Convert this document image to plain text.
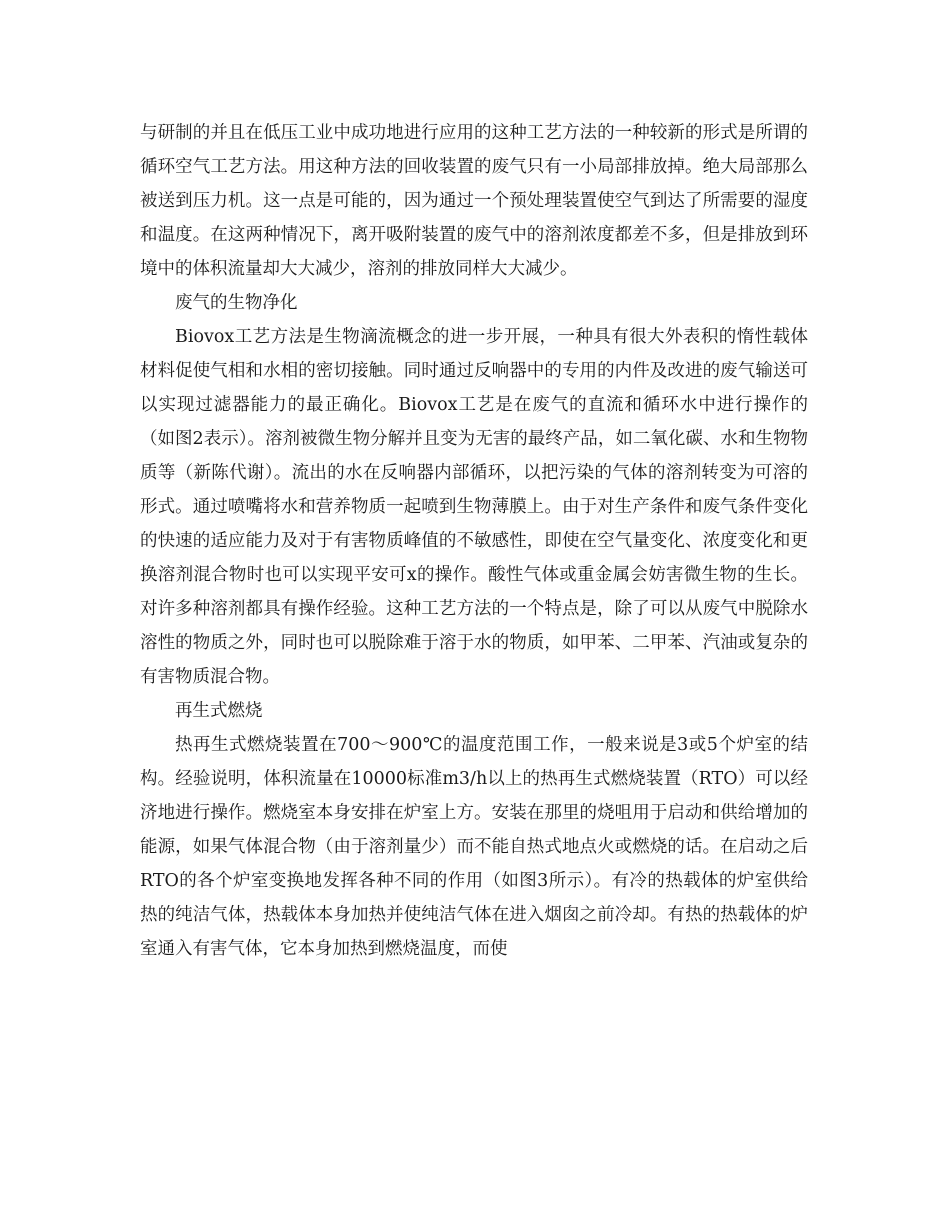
与研制的并且在低压工业中成功地进行应用的这种工艺方法的一种较新的形式是所谓的循环空气工艺方法。用这种方法的回收装置的废气只有一小局部排放掉。绝大局部那么被送到压力机。这一点是可能的，因为通过一个预处理装置使空气到达了所需要的湿度和温度。在这两种情况下，离开吸附装置的废气中的溶剂浓度都差不多，但是排放到环境中的体积流量却大大减少，溶剂的排放同样大大减少。

废气的生物净化

Biovox工艺方法是生物滴流概念的进一步开展，一种具有很大外表积的惰性载体材料促使气相和水相的密切接触。同时通过反响器中的专用的内件及改进的废气输送可以实现过滤器能力的最正确化。Biovox工艺是在废气的直流和循环水中进行操作的（如图2表示）。溶剂被微生物分解并且变为无害的最终产品，如二氧化碳、水和生物物质等（新陈代谢）。流出的水在反响器内部循环，以把污染的气体的溶剂转变为可溶的形式。通过喷嘴将水和营养物质一起喷到生物薄膜上。由于对生产条件和废气条件变化的快速的适应能力及对于有害物质峰值的不敏感性，即使在空气量变化、浓度变化和更换溶剂混合物时也可以实现平安可x的操作。酸性气体或重金属会妨害微生物的生长。对许多种溶剂都具有操作经验。这种工艺方法的一个特点是，除了可以从废气中脱除水溶性的物质之外，同时也可以脱除难于溶于水的物质，如甲苯、二甲苯、汽油或复杂的有害物质混合物。

再生式燃烧

热再生式燃烧装置在700～900℃的温度范围工作，一般来说是3或5个炉室的结构。经验说明，体积流量在10000标准m3/h以上的热再生式燃烧装置（RTO）可以经济地进行操作。燃烧室本身安排在炉室上方。安装在那里的烧咀用于启动和供给增加的能源，如果气体混合物（由于溶剂量少）而不能自热式地点火或燃烧的话。在启动之后RTO的各个炉室变换地发挥各种不同的作用（如图3所示）。有冷的热载体的炉室供给热的纯洁气体，热载体本身加热并使纯洁气体在进入烟囱之前冷却。有热的热载体的炉室通入有害气体，它本身加热到燃烧温度，而使
